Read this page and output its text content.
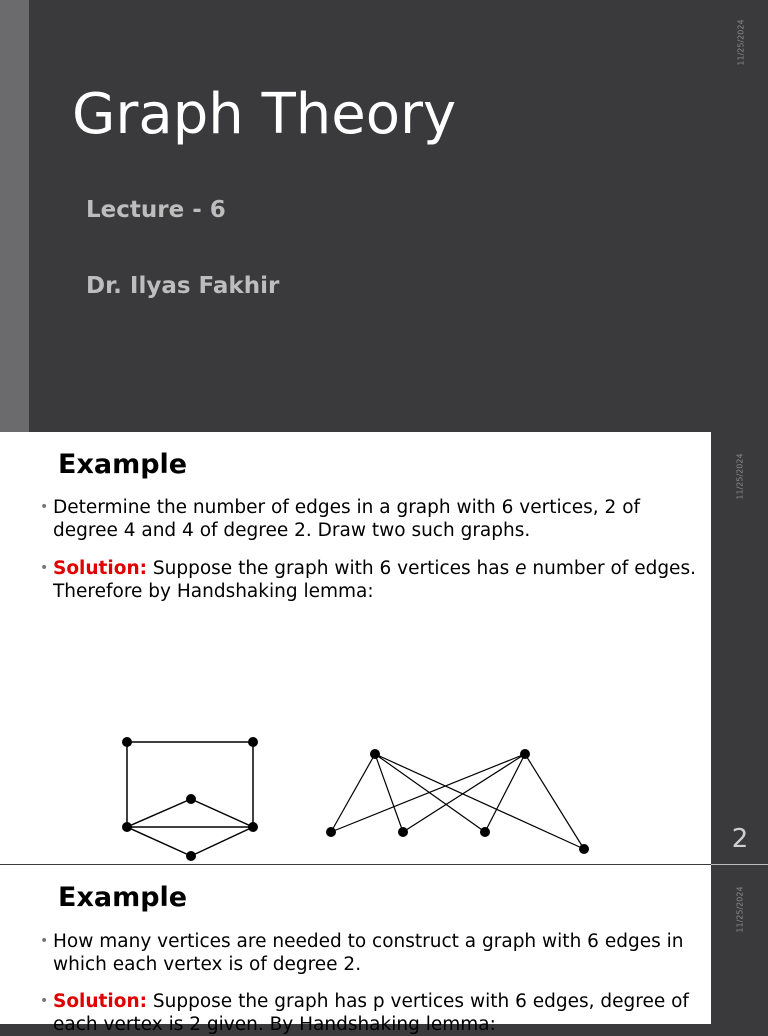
Graph Theory
Lecture - 6
Dr. Ilyas Fakhir
11/25/2024
Example
• Determine the number of edges in a graph with 6 vertices, 2 of degree 4 and 4 of degree 2. Draw two such graphs.
• Solution: Suppose the graph with 6 vertices has e number of edges. Therefore by Handshaking lemma:
11/25/2024
2
Example
• How many vertices are needed to construct a graph with 6 edges in which each vertex is of degree 2.
• Solution: Suppose the graph has p vertices with 6 edges, degree of each vertex is 2 given. By Handshaking lemma:
11/25/2024
